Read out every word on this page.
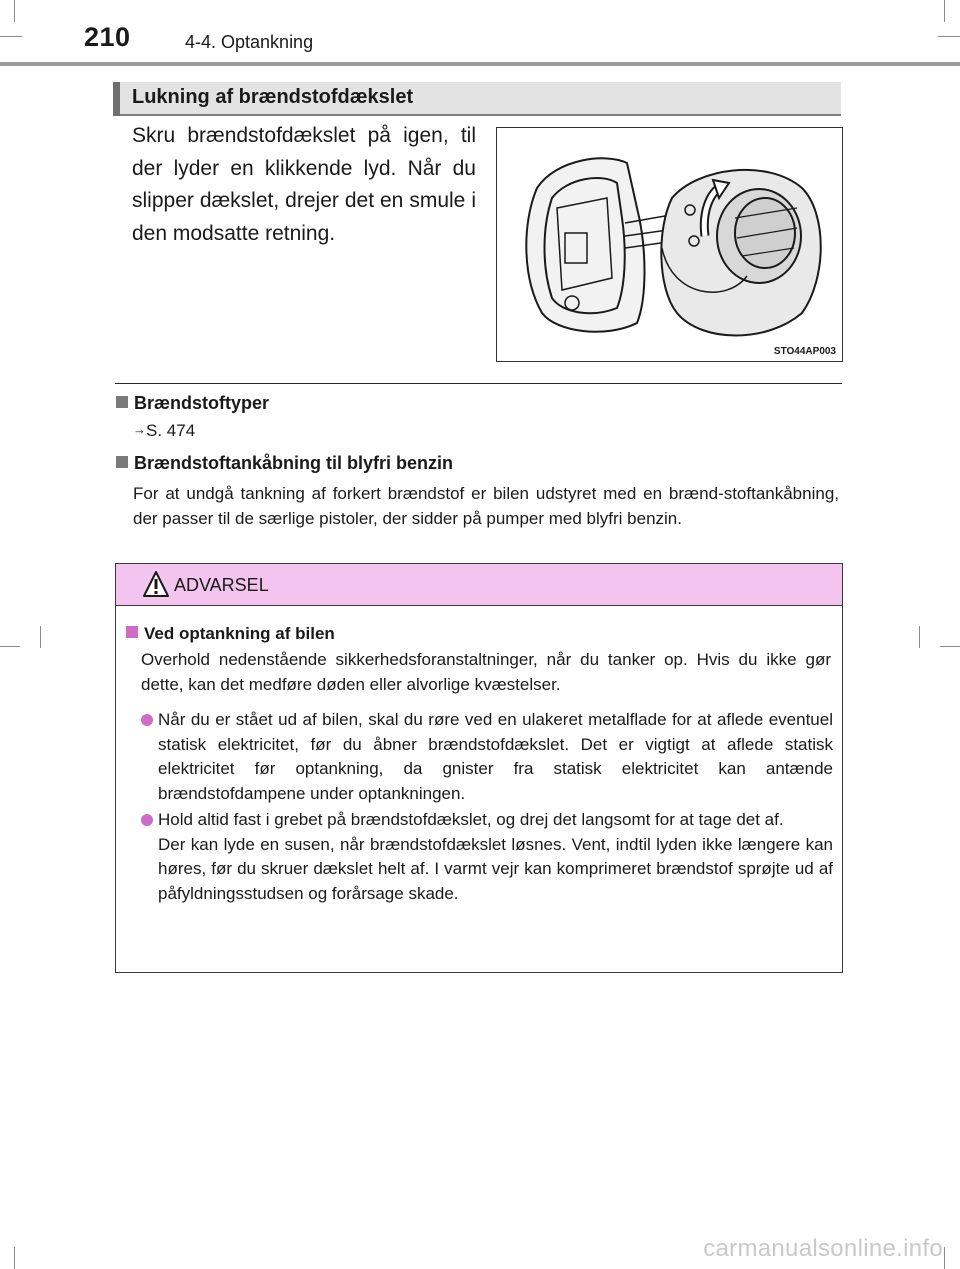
210	4-4. Optankning
Lukning af brændstofdækslet
Skru brændstofdækslet på igen, til der lyder en klikkende lyd. Når du slipper dækslet, drejer det en smule i den modsatte retning.
STO44AP003
Brændstoftyper
→S. 474
Brændstoftankåbning til blyfri benzin
For at undgå tankning af forkert brændstof er bilen udstyret med en brænd-stoftankåbning, der passer til de særlige pistoler, der sidder på pumper med blyfri benzin.
ADVARSEL
Ved optankning af bilen
Overhold nedenstående sikkerhedsforanstaltninger, når du tanker op. Hvis du ikke gør dette, kan det medføre døden eller alvorlige kvæstelser.
Når du er stået ud af bilen, skal du røre ved en ulakeret metalflade for at aflede eventuel statisk elektricitet, før du åbner brændstofdækslet. Det er vigtigt at aflede statisk elektricitet før optankning, da gnister fra statisk elektricitet kan antænde brændstofdampene under optankningen.
Hold altid fast i grebet på brændstofdækslet, og drej det langsomt for at tage det af.
Der kan lyde en susen, når brændstofdækslet løsnes. Vent, indtil lyden ikke længere kan høres, før du skruer dækslet helt af. I varmt vejr kan komprimeret brændstof sprøjte ud af påfyldningsstudsen og forårsage skade.
carmanualsonline.info
